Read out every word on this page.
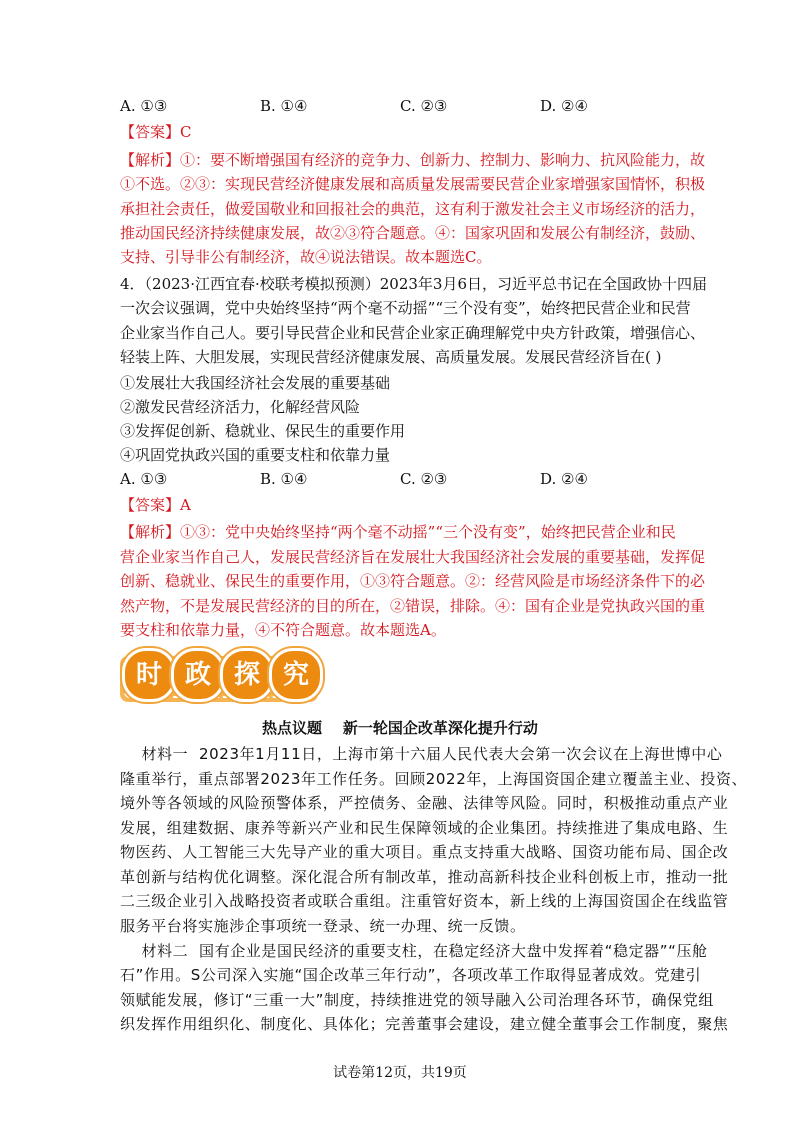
A. ①③	B. ①④	C. ②③	D. ②④
【答案】C
【解析】①：要不断增强国有经济的竞争力、创新力、控制力、影响力、抗风险能力，故
①不选。②③：实现民营经济健康发展和高质量发展需要民营企业家增强家国情怀，积极
承担社会责任，做爱国敬业和回报社会的典范，这有利于激发社会主义市场经济的活力，
推动国民经济持续健康发展，故②③符合题意。④：国家巩固和发展公有制经济，鼓励、
支持、引导非公有制经济，故④说法错误。故本题选C。
4．（2023·江西宜春·校联考模拟预测）2023年3月6日，习近平总书记在全国政协十四届
一次会议强调，党中央始终坚持“两个毫不动摇”“三个没有变”，始终把民营企业和民营
企业家当作自己人。要引导民营企业和民营企业家正确理解党中央方针政策，增强信心、
轻装上阵、大胆发展，实现民营经济健康发展、高质量发展。发展民营经济旨在( )
①发展壮大我国经济社会发展的重要基础
②激发民营经济活力，化解经营风险
③发挥促创新、稳就业、保民生的重要作用
④巩固党执政兴国的重要支柱和依靠力量
A. ①③	B. ①④	C. ②③	D. ②④
【答案】A
【解析】①③：党中央始终坚持“两个毫不动摇”“三个没有变”，始终把民营企业和民
营企业家当作自己人，发展民营经济旨在发展壮大我国经济社会发展的重要基础，发挥促
创新、稳就业、保民生的重要作用，①③符合题意。②：经营风险是市场经济条件下的必
然产物，不是发展民营经济的目的所在，②错误，排除。④：国有企业是党执政兴国的重
要支柱和依靠力量，④不符合题意。故本题选A。
时 政 探 究
热点议题    新一轮国企改革深化提升行动
材料一  2023年1月11日，上海市第十六届人民代表大会第一次会议在上海世博中心
隆重举行，重点部署2023年工作任务。回顾2022年，上海国资国企建立覆盖主业、投资、
境外等各领域的风险预警体系，严控债务、金融、法律等风险。同时，积极推动重点产业
发展，组建数据、康养等新兴产业和民生保障领域的企业集团。持续推进了集成电路、生
物医药、人工智能三大先导产业的重大项目。重点支持重大战略、国资功能布局、国企改
革创新与结构优化调整。深化混合所有制改革，推动高新科技企业科创板上市，推动一批
二三级企业引入战略投资者或联合重组。注重管好资本，新上线的上海国资国企在线监管
服务平台将实施涉企事项统一登录、统一办理、统一反馈。
材料二  国有企业是国民经济的重要支柱，在稳定经济大盘中发挥着“稳定器”“压舱
石”作用。S公司深入实施“国企改革三年行动”，各项改革工作取得显著成效。党建引
领赋能发展，修订“三重一大”制度，持续推进党的领导融入公司治理各环节，确保党组
织发挥作用组织化、制度化、具体化；完善董事会建设，建立健全董事会工作制度，聚焦
试卷第12页，共19页
